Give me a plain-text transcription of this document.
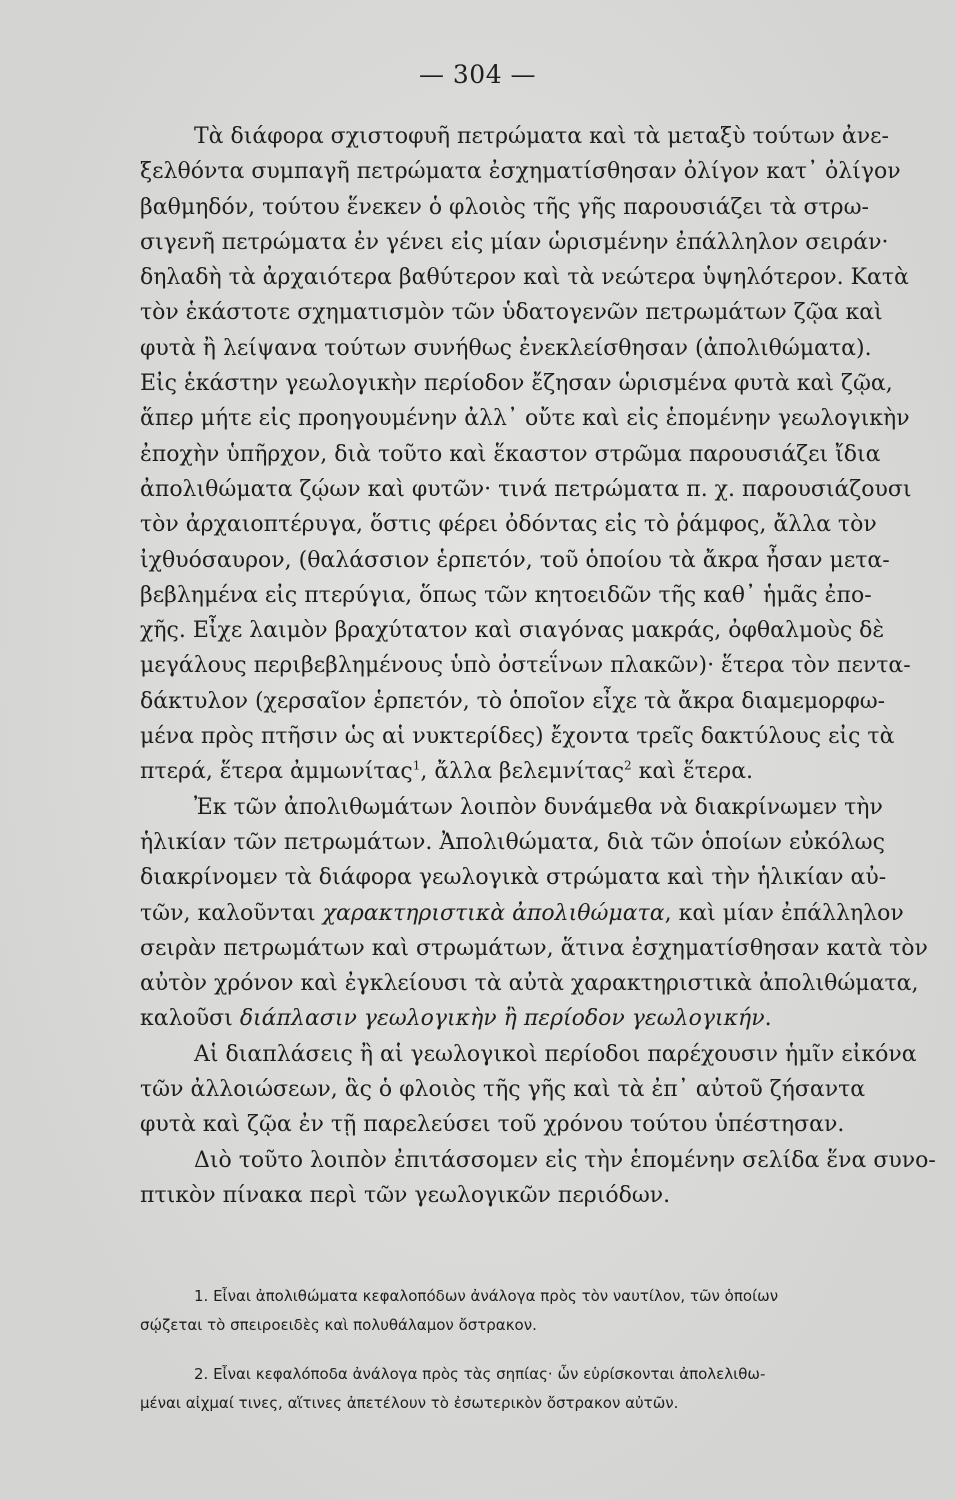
— 304 —
Τὰ διάφορα σχιστοφυῆ πετρώματα καὶ τὰ μεταξὺ τούτων ἀνε-
ξελθόντα συμπαγῆ πετρώματα ἐσχηματίσθησαν ὀλίγον κατ᾿ ὀλίγον
βαθμηδόν, τούτου ἕνεκεν ὁ φλοιὸς τῆς γῆς παρουσιάζει τὰ στρω-
σιγενῆ πετρώματα ἐν γένει εἰς μίαν ὡρισμένην ἐπάλληλον σειράν·
δηλαδὴ τὰ ἀρχαιότερα βαθύτερον καὶ τὰ νεώτερα ὑψηλότερον. Κατὰ
τὸν ἑκάστοτε σχηματισμὸν τῶν ὑδατογενῶν πετρωμάτων ζῷα καὶ
φυτὰ ἢ λείψανα τούτων συνήθως ἐνεκλείσθησαν (ἀπολιθώματα).
Εἰς ἑκάστην γεωλογικὴν περίοδον ἔζησαν ὡρισμένα φυτὰ καὶ ζῷα,
ἅπερ μήτε εἰς προηγουμένην ἀλλ᾿ οὔτε καὶ εἰς ἑπομένην γεωλογικὴν
ἐποχὴν ὑπῆρχον, διὰ τοῦτο καὶ ἕκαστον στρῶμα παρουσιάζει ἴδια
ἀπολιθώματα ζῴων καὶ φυτῶν· τινά πετρώματα π. χ. παρουσιάζουσι
τὸν ἀρχαιοπτέρυγα, ὅστις φέρει ὀδόντας εἰς τὸ ῥάμφος, ἄλλα τὸν
ἰχθυόσαυρον, (θαλάσσιον ἑρπετόν, τοῦ ὁποίου τὰ ἄκρα ἦσαν μετα-
βεβλημένα εἰς πτερύγια, ὅπως τῶν κητοειδῶν τῆς καθ᾿ ἡμᾶς ἐπο-
χῆς. Εἶχε λαιμὸν βραχύτατον καὶ σιαγόνας μακράς, ὀφθαλμοὺς δὲ
μεγάλους περιβεβλημένους ὑπὸ ὀστεΐνων πλακῶν)· ἕτερα τὸν πεντα-
δάκτυλον (χερσαῖον ἑρπετόν, τὸ ὁποῖον εἶχε τὰ ἄκρα διαμεμορφω-
μένα πρὸς πτῆσιν ὡς αἱ νυκτερίδες) ἔχοντα τρεῖς δακτύλους εἰς τὰ
πτερά, ἕτερα ἀμμωνίτας$^1$, ἄλλα βελεμνίτας$^2$ καὶ ἕτερα.
Ἐκ τῶν ἀπολιθωμάτων λοιπὸν δυνάμεθα νὰ διακρίνωμεν τὴν
ἡλικίαν τῶν πετρωμάτων. Ἀπολιθώματα, διὰ τῶν ὁποίων εὐκόλως
διακρίνομεν τὰ διάφορα γεωλογικὰ στρώματα καὶ τὴν ἡλικίαν αὐ-
τῶν, καλοῦνται χαρακτηριστικὰ ἀπολιθώματα, καὶ μίαν ἐπάλληλον
σειρὰν πετρωμάτων καὶ στρωμάτων, ἅτινα ἐσχηματίσθησαν κατὰ τὸν
αὐτὸν χρόνον καὶ ἐγκλείουσι τὰ αὐτὰ χαρακτηριστικὰ ἀπολιθώματα,
καλοῦσι διάπλασιν γεωλογικὴν ἢ περίοδον γεωλογικήν.
Αἱ διαπλάσεις ἢ αἱ γεωλογικοὶ περίοδοι παρέχουσιν ἡμῖν εἰκόνα
τῶν ἀλλοιώσεων, ἃς ὁ φλοιὸς τῆς γῆς καὶ τὰ ἐπ᾿ αὐτοῦ ζήσαντα
φυτὰ καὶ ζῷα ἐν τῇ παρελεύσει τοῦ χρόνου τούτου ὑπέστησαν.
Διὸ τοῦτο λοιπὸν ἐπιτάσσομεν εἰς τὴν ἑπομένην σελίδα ἕνα συνο-
πτικὸν πίνακα περὶ τῶν γεωλογικῶν περιόδων.
1. Εἶναι ἀπολιθώματα κεφαλοπόδων ἀνάλογα πρὸς τὸν ναυτίλον, τῶν ὁποίων
σῴζεται τὸ σπειροειδὲς καὶ πολυθάλαμον ὄστρακον.
2. Εἶναι κεφαλόποδα ἀνάλογα πρὸς τὰς σηπίας· ὧν εὑρίσκονται ἀπολελιθω-
μέναι αἰχμαί τινες, αἵτινες ἀπετέλουν τὸ ἐσωτερικὸν ὄστρακον αὐτῶν.
